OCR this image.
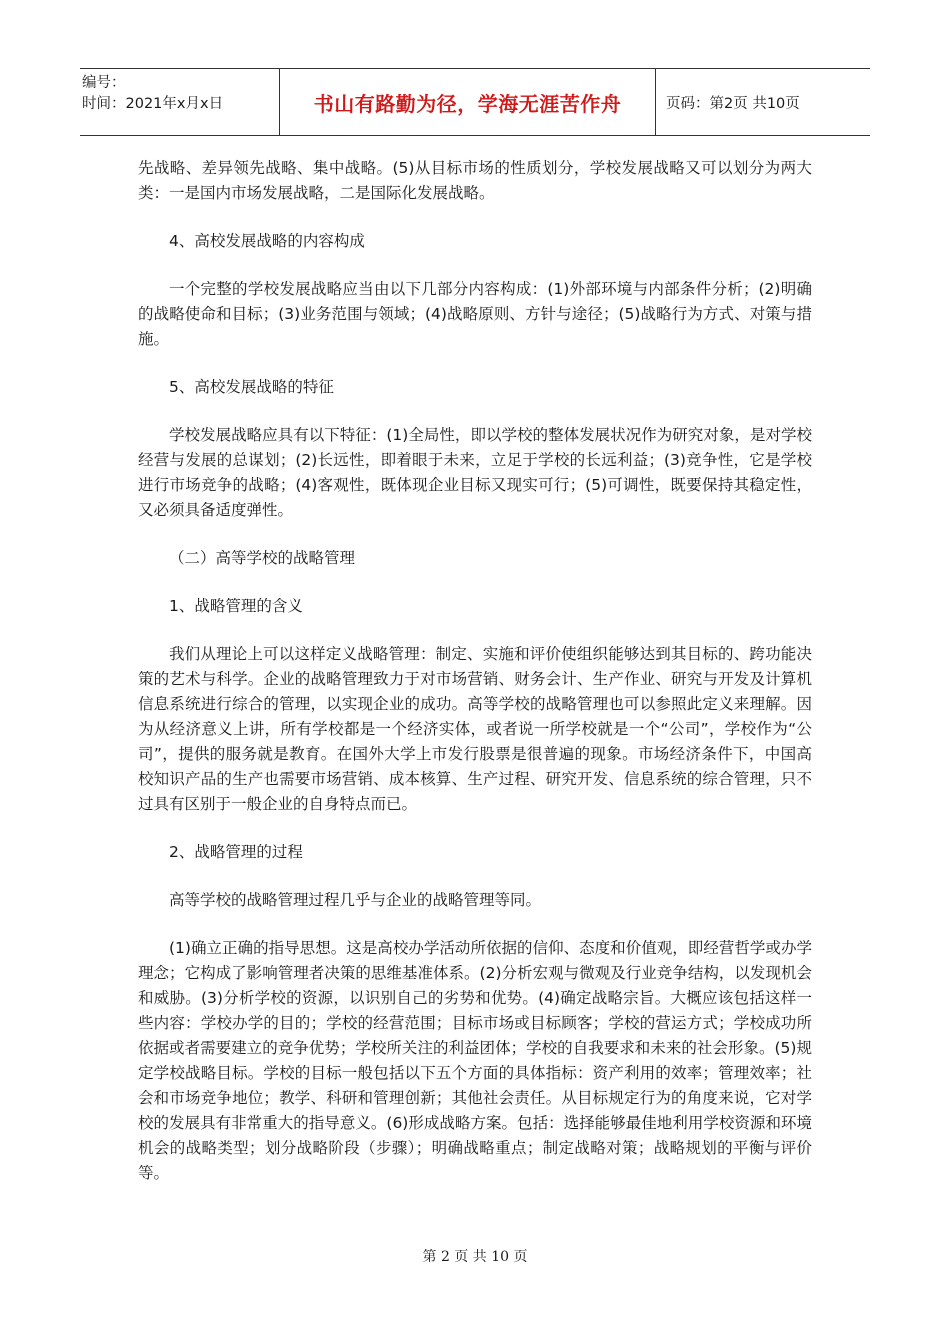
编号：
时间：2021年x月x日	书山有路勤为径，学海无涯苦作舟	页码：第2页 共10页

先战略、差异领先战略、集中战略。(5)从目标市场的性质划分，学校发展战略又可以划分为两大类：一是国内市场发展战略，二是国际化发展战略。

4、高校发展战略的内容构成

一个完整的学校发展战略应当由以下几部分内容构成：(1)外部环境与内部条件分析；(2)明确的战略使命和目标；(3)业务范围与领域；(4)战略原则、方针与途径；(5)战略行为方式、对策与措施。

5、高校发展战略的特征

学校发展战略应具有以下特征：(1)全局性，即以学校的整体发展状况作为研究对象，是对学校经营与发展的总谋划；(2)长远性，即着眼于未来，立足于学校的长远利益；(3)竞争性，它是学校进行市场竞争的战略；(4)客观性，既体现企业目标又现实可行；(5)可调性，既要保持其稳定性，又必须具备适度弹性。

（二）高等学校的战略管理

1、战略管理的含义

我们从理论上可以这样定义战略管理：制定、实施和评价使组织能够达到其目标的、跨功能决策的艺术与科学。企业的战略管理致力于对市场营销、财务会计、生产作业、研究与开发及计算机信息系统进行综合的管理，以实现企业的成功。高等学校的战略管理也可以参照此定义来理解。因为从经济意义上讲，所有学校都是一个经济实体，或者说一所学校就是一个“公司”，学校作为“公司”，提供的服务就是教育。在国外大学上市发行股票是很普遍的现象。市场经济条件下，中国高校知识产品的生产也需要市场营销、成本核算、生产过程、研究开发、信息系统的综合管理，只不过具有区别于一般企业的自身特点而已。

2、战略管理的过程

高等学校的战略管理过程几乎与企业的战略管理等同。

(1)确立正确的指导思想。这是高校办学活动所依据的信仰、态度和价值观，即经营哲学或办学理念；它构成了影响管理者决策的思维基准体系。(2)分析宏观与微观及行业竞争结构，以发现机会和威胁。(3)分析学校的资源，以识别自己的劣势和优势。(4)确定战略宗旨。大概应该包括这样一些内容：学校办学的目的；学校的经营范围；目标市场或目标顾客；学校的营运方式；学校成功所依据或者需要建立的竞争优势；学校所关注的利益团体；学校的自我要求和未来的社会形象。(5)规定学校战略目标。学校的目标一般包括以下五个方面的具体指标：资产利用的效率；管理效率；社会和市场竞争地位；教学、科研和管理创新；其他社会责任。从目标规定行为的角度来说，它对学校的发展具有非常重大的指导意义。(6)形成战略方案。包括：选择能够最佳地利用学校资源和环境机会的战略类型；划分战略阶段（步骤）；明确战略重点；制定战略对策；战略规划的平衡与评价等。

第 2 页 共 10 页
